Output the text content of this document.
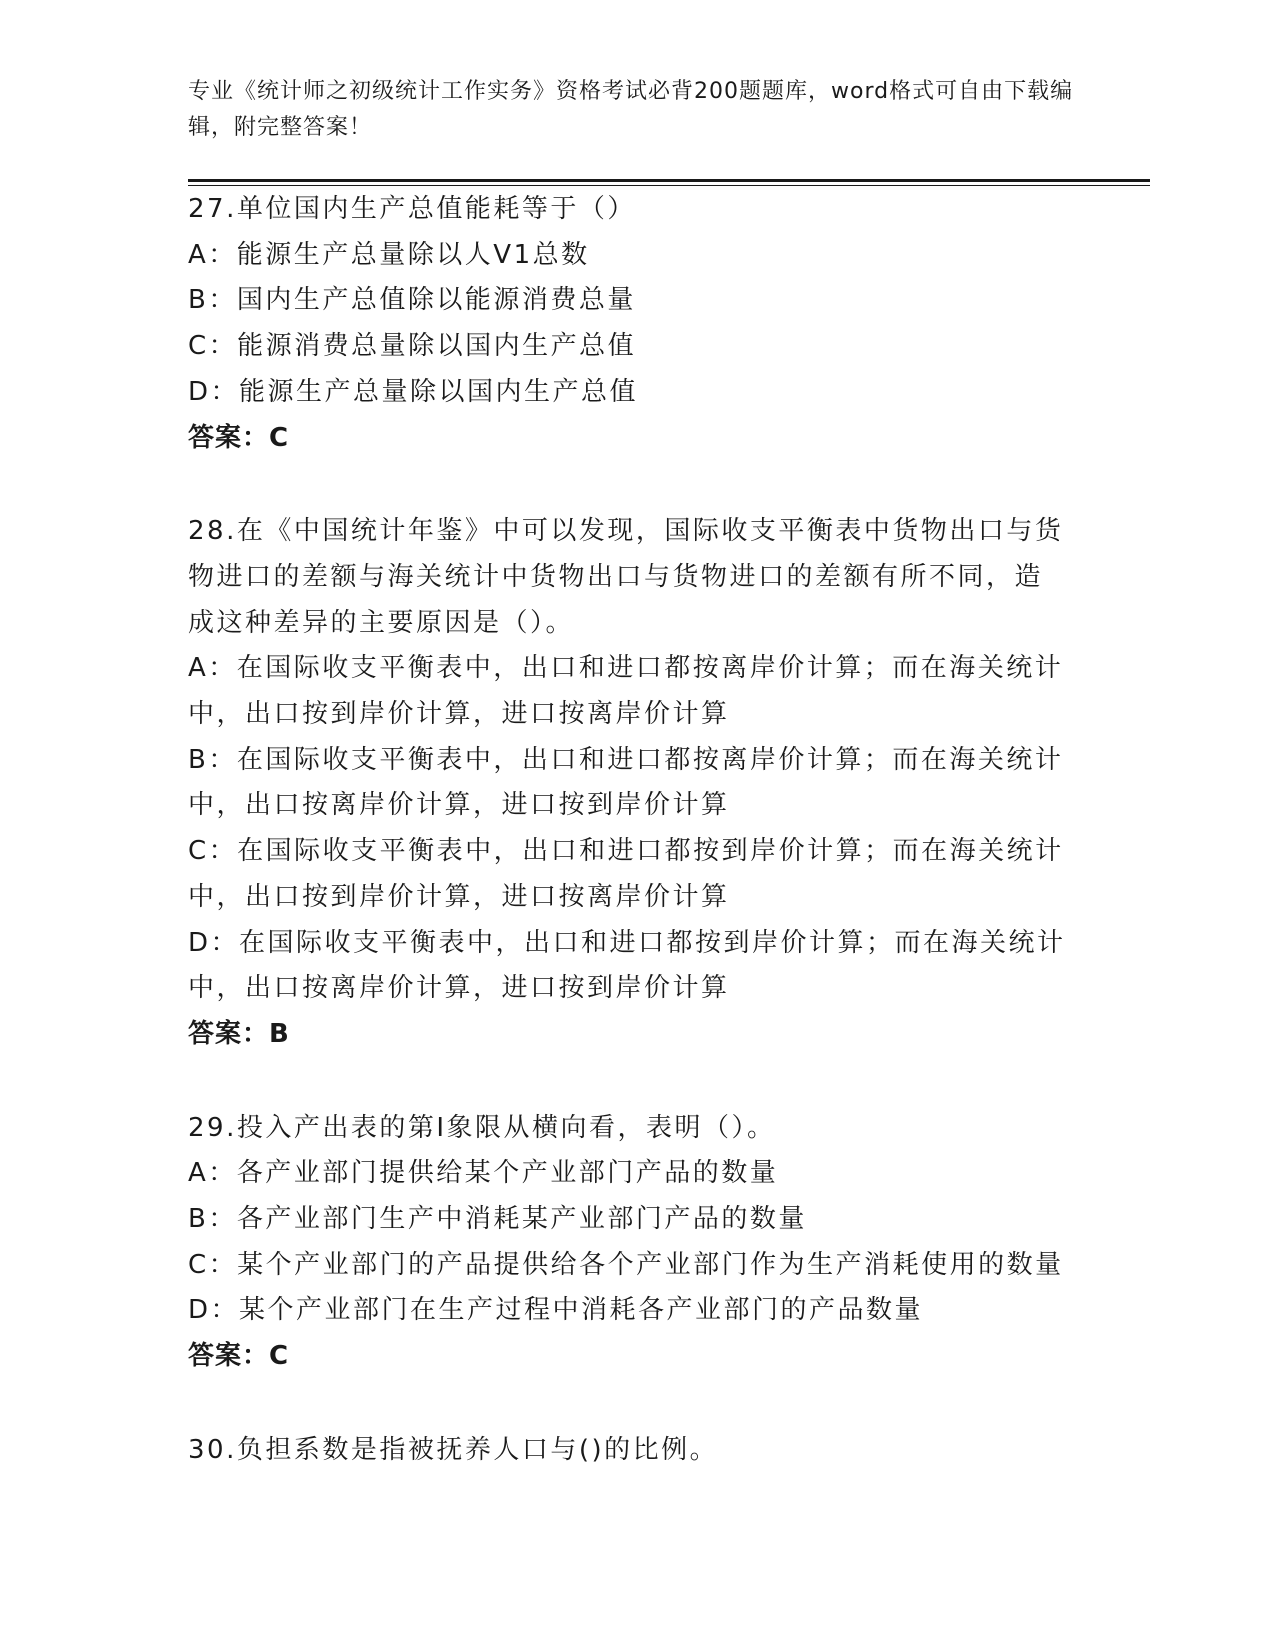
专业《统计师之初级统计工作实务》资格考试必背200题题库，word格式可自由下载编辑，附完整答案！
27.单位国内生产总值能耗等于（）
A：能源生产总量除以人V1总数
B：国内生产总值除以能源消费总量
C：能源消费总量除以国内生产总值
D：能源生产总量除以国内生产总值
答案：C
28.在《中国统计年鉴》中可以发现，国际收支平衡表中货物出口与货
物进口的差额与海关统计中货物出口与货物进口的差额有所不同，造
成这种差异的主要原因是（）。
A：在国际收支平衡表中，出口和进口都按离岸价计算；而在海关统计
中，出口按到岸价计算，进口按离岸价计算
B：在国际收支平衡表中，出口和进口都按离岸价计算；而在海关统计
中，出口按离岸价计算，进口按到岸价计算
C：在国际收支平衡表中，出口和进口都按到岸价计算；而在海关统计
中，出口按到岸价计算，进口按离岸价计算
D：在国际收支平衡表中，出口和进口都按到岸价计算；而在海关统计
中，出口按离岸价计算，进口按到岸价计算
答案：B
29.投入产出表的第Ⅰ象限从横向看，表明（）。
A：各产业部门提供给某个产业部门产品的数量
B：各产业部门生产中消耗某产业部门产品的数量
C：某个产业部门的产品提供给各个产业部门作为生产消耗使用的数量
D：某个产业部门在生产过程中消耗各产业部门的产品数量
答案：C
30.负担系数是指被抚养人口与()的比例。
